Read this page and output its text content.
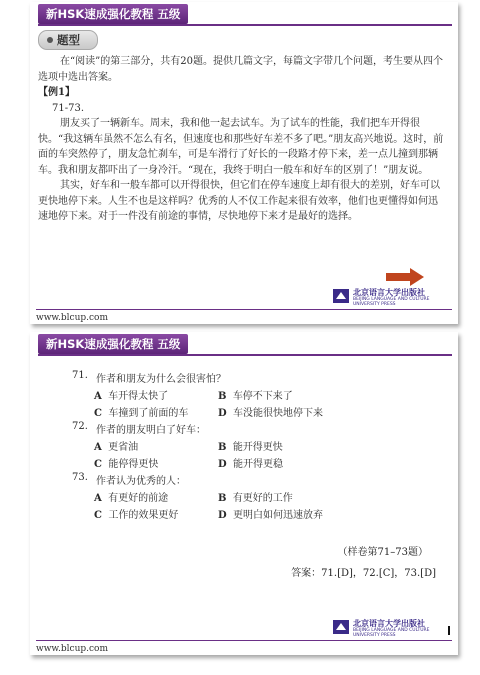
新HSK速成强化教程 五级
题型

在“阅读”的第三部分，共有20题。提供几篇文字，每篇文字带几个问题，考生要从四个选项中选出答案。

【例1】

71-73.

朋友买了一辆新车。周末，我和他一起去试车。为了试车的性能，我们把车开得很快。“我这辆车虽然不怎么有名，但速度也和那些好车差不多了吧。”朋友高兴地说。这时，前面的车突然停了，朋友急忙刹车，可是车滑行了好长的一段路才停下来，差一点儿撞到那辆车。我和朋友都吓出了一身冷汗。“现在，我终于明白一般车和好车的区别了！”朋友说。

其实，好车和一般车都可以开得很快，但它们在停车速度上却有很大的差别，好车可以更快地停下来。人生不也是这样吗？优秀的人不仅工作起来很有效率，他们也更懂得如何迅速地停下来。对于一件没有前途的事情，尽快地停下来才是最好的选择。

北京语言大学出版社
BEIJING LANGUAGE AND CULTURE
UNIVERSITY PRESS
www.blcup.com
新HSK速成强化教程 五级
71. 作者和朋友为什么会很害怕？
A 车开得太快了	B 车停不下来了
C 车撞到了前面的车	D 车没能很快地停下来
72. 作者的朋友明白了好车：
A 更省油	B 能开得更快
C 能停得更快	D 能开得更稳
73. 作者认为优秀的人：
A 有更好的前途	B 有更好的工作
C 工作的效果更好	D 更明白如何迅速放弃
（样卷第71–73题）
答案：71.[D]，72.[C]，73.[D]
北京语言大学出版社
BEIJING LANGUAGE AND CULTURE
UNIVERSITY PRESS
www.blcup.com
